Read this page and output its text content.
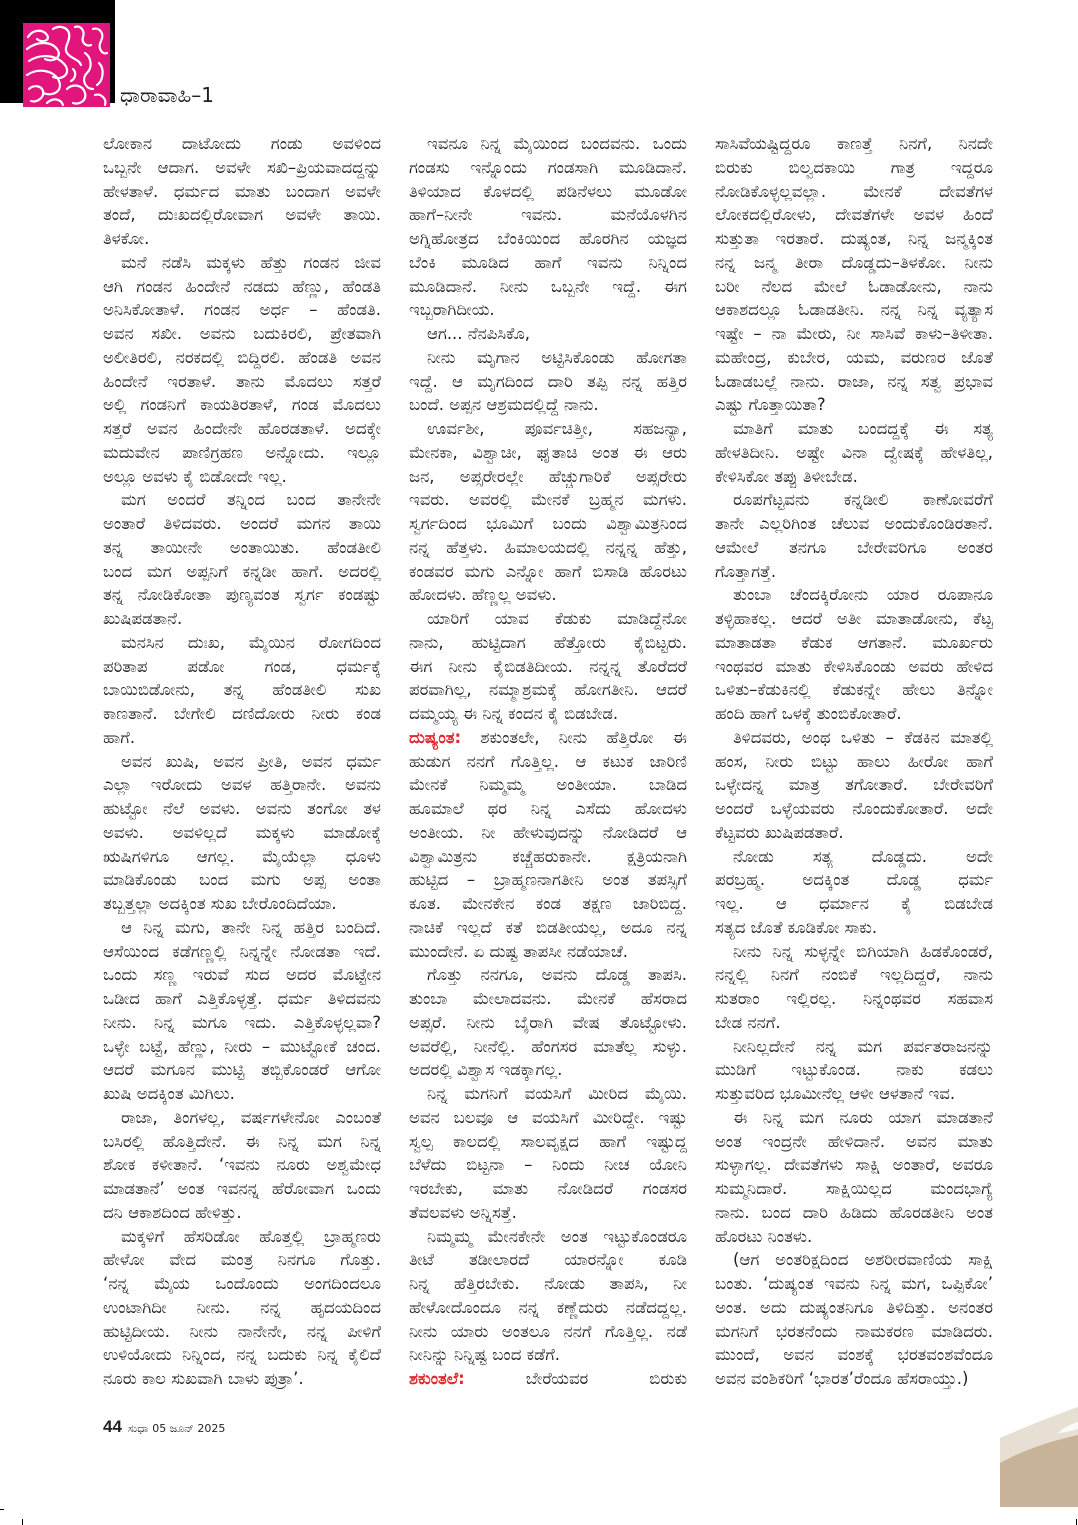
ಧಾರಾವಾಹಿ–1
ಲೋಕಾನ ದಾಟೋದು ಗಂಡು ಅವಳಿಂದ
ಒಬ್ಬನೇ ಆದಾಗ. ಅವಳೇ ಸಖಿ–ಪ್ರಿಯವಾದದ್ದನ್ನು
ಹೇಳತಾಳೆ. ಧರ್ಮದ ಮಾತು ಬಂದಾಗ ಅವಳೇ
ತಂದೆ, ದುಃಖದಲ್ಲಿರೋವಾಗ ಅವಳೇ ತಾಯಿ.
ತಿಳಕೋ.
ಮನೆ ನಡೆಸಿ ಮಕ್ಕಳು ಹೆತ್ತು ಗಂಡನ ಜೀವ
ಆಗಿ ಗಂಡನ ಹಿಂದೇನೆ ನಡದು ಹೆಣ್ಣು, ಹೆಂಡತಿ
ಅನಿಸಿಕೋತಾಳೆ. ಗಂಡನ ಅರ್ಧ – ಹೆಂಡತಿ.
ಅವನ ಸಖೀ. ಅವನು ಬದುಕಿರಲಿ, ಪ್ರೇತವಾಗಿ
ಅಲೀತಿರಲಿ, ನರಕದಲ್ಲಿ ಬಿದ್ದಿರಲಿ. ಹೆಂಡತಿ ಅವನ
ಹಿಂದೇನೆ ಇರತಾಳೆ. ತಾನು ಮೊದಲು ಸತ್ತರೆ
ಅಲ್ಲಿ ಗಂಡನಿಗೆ ಕಾಯತಿರತಾಳೆ, ಗಂಡ ಮೊದಲು
ಸತ್ತರೆ ಅವನ ಹಿಂದೇನೇ ಹೊರಡತಾಳೆ. ಅದಕ್ಕೇ
ಮದುವೇನ ಪಾಣಿಗ್ರಹಣ ಅನ್ನೋದು. ಇಲ್ಲೂ
ಅಲ್ಲೂ ಅವಳು ಕೈ ಬಿಡೋದೇ ಇಲ್ಲ.
ಮಗ ಅಂದರೆ ತನ್ನಿಂದ ಬಂದ ತಾನೇನೇ
ಅಂತಾರೆ ತಿಳಿದವರು. ಅಂದರೆ ಮಗನ ತಾಯಿ
ತನ್ನ ತಾಯೀನೇ ಅಂತಾಯಿತು. ಹೆಂಡತೀಲಿ
ಬಂದ ಮಗ ಅಪ್ಪನಿಗೆ ಕನ್ನಡೀ ಹಾಗೆ. ಅದರಲ್ಲಿ
ತನ್ನ ನೋಡಿಕೋತಾ ಪುಣ್ಯವಂತ ಸ್ವರ್ಗ ಕಂಡಷ್ಟು
ಖುಷಿಪಡತಾನೆ.
ಮನಸಿನ ದುಃಖ, ಮೈಯಿನ ರೋಗದಿಂದ
ಪರಿತಾಪ ಪಡೋ ಗಂಡ, ಧರ್ಮಕ್ಕೆ
ಬಾಯಿಬಿಡೋನು, ತನ್ನ ಹೆಂಡತೀಲಿ ಸುಖ
ಕಾಣತಾನೆ. ಬೇಗೇಲಿ ದಣಿದೋರು ನೀರು ಕಂಡ
ಹಾಗೆ.
ಅವನ ಖುಷಿ, ಅವನ ಪ್ರೀತಿ, ಅವನ ಧರ್ಮ
ಎಲ್ಲಾ ಇರೋದು ಅವಳ ಹತ್ತಿರಾನೇ. ಅವನು
ಹುಟ್ಟೋ ನೆಲೆ ಅವಳು. ಅವನು ತಂಗೋ ತಳ
ಅವಳು. ಅವಳಿಲ್ಲದೆ ಮಕ್ಕಳು ಮಾಡೋಕ್ಕೆ
ಋಷಿಗಳಿಗೂ ಆಗಲ್ಲ. ಮೈಯೆಲ್ಲಾ ಧೂಳು
ಮಾಡಿಕೊಂಡು ಬಂದ ಮಗು ಅಪ್ಪ ಅಂತಾ
ತಬ್ಬತ್ತಲ್ಲಾ ಅದಕ್ಕಿಂತ ಸುಖ ಬೇರೊಂದಿದೆಯಾ.
ಆ ನಿನ್ನ ಮಗು, ತಾನೇ ನಿನ್ನ ಹತ್ತಿರ ಬಂದಿದೆ.
ಆಸೆಯಿಂದ ಕಡೆಗಣ್ಣಲ್ಲಿ ನಿನ್ನನ್ನೇ ನೋಡತಾ ಇದೆ.
ಒಂದು ಸಣ್ಣ ಇರುವೆ ಸುದ ಅದರ ಮೊಟ್ಟೇನ
ಒಡೀದ ಹಾಗೆ ಎತ್ತಿಕೊಳ್ಳತ್ತೆ. ಧರ್ಮ ತಿಳಿದವನು
ನೀನು. ನಿನ್ನ ಮಗೂ ಇದು. ಎತ್ತಿಕೊಳ್ಳಲ್ಲವಾ?
ಒಳ್ಳೇ ಬಟ್ಟೆ, ಹೆಣ್ಣು, ನೀರು – ಮುಟ್ಟೋಕೆ ಚಂದ.
ಆದರೆ ಮಗೂನ ಮುಟ್ಟಿ ತಬ್ಬಿಕೊಂಡರೆ ಆಗೋ
ಖುಷಿ ಅದಕ್ಕಿಂತ ಮಿಗಿಲು.
ರಾಜಾ, ತಿಂಗಳಲ್ಲ, ವರ್ಷಗಳೇನೋ ಎಂಬಂತೆ
ಬಸಿರಲ್ಲಿ ಹೊತ್ತಿದೇನೆ. ಈ ನಿನ್ನ ಮಗ ನಿನ್ನ
ಶೋಕ ಕಳೀತಾನೆ. ‘ಇವನು ನೂರು ಅಶ್ವಮೇಧ
ಮಾಡತಾನೆ’ ಅಂತ ಇವನನ್ನ ಹೆರೋವಾಗ ಒಂದು
ದನಿ ಆಕಾಶದಿಂದ ಹೇಳಿತ್ತು.
ಮಕ್ಕಳಿಗೆ ಹೆಸರಿಡೋ ಹೊತ್ತಲ್ಲಿ ಬ್ರಾಹ್ಮಣರು
ಹೇಳೋ ವೇದ ಮಂತ್ರ ನಿನಗೂ ಗೊತ್ತು.
‘ನನ್ನ ಮೈಯ ಒಂದೊಂದು ಅಂಗದಿಂದಲೂ
ಉಂಟಾಗಿದೀ ನೀನು. ನನ್ನ ಹೃದಯದಿಂದ
ಹುಟ್ಟಿದೀಯ. ನೀನು ನಾನೇನೇ, ನನ್ನ ಪೀಳಿಗೆ
ಉಳಿಯೋದು ನಿನ್ನಿಂದ, ನನ್ನ ಬದುಕು ನಿನ್ನ ಕೈಲಿದೆ
ನೂರು ಕಾಲ ಸುಖವಾಗಿ ಬಾಳು ಪುತ್ರಾ’.
ಇವನೂ ನಿನ್ನ ಮೈಯಿಂದ ಬಂದವನು. ಒಂದು
ಗಂಡಸು ಇನ್ನೊಂದು ಗಂಡಸಾಗಿ ಮೂಡಿದಾನೆ.
ತಿಳಿಯಾದ ಕೊಳದಲ್ಲಿ ಪಡಿನೆಳಲು ಮೂಡೋ
ಹಾಗೆ–ನೀನೇ ಇವನು. ಮನೆಯೊಳಗಿನ
ಅಗ್ನಿಹೋತ್ರದ ಬೆಂಕಿಯಿಂದ ಹೊರಗಿನ ಯಜ್ಞದ
ಬೆಂಕಿ ಮೂಡಿದ ಹಾಗೆ ಇವನು ನಿನ್ನಿಂದ
ಮೂಡಿದಾನೆ. ನೀನು ಒಬ್ಬನೇ ಇದ್ದೆ. ಈಗ
ಇಬ್ಬರಾಗಿದೀಯ.
ಆಗ... ನೆನಪಿಸಿಕೊ,
ನೀನು ಮೃಗಾನ ಅಟ್ಟಿಸಿಕೊಂಡು ಹೋಗತಾ
ಇದ್ದೆ. ಆ ಮೃಗದಿಂದ ದಾರಿ ತಪ್ಪಿ ನನ್ನ ಹತ್ತಿರ
ಬಂದೆ. ಅಪ್ಪನ ಆಶ್ರಮದಲ್ಲಿದ್ದೆ ನಾನು.
ಊರ್ವಶೀ, ಪೂರ್ವಚಿತ್ತೀ, ಸಹಜನ್ಯಾ,
ಮೇನಕಾ, ವಿಶ್ವಾಚೀ, ಘೃತಾಚಿ ಅಂತ ಈ ಆರು
ಜನ, ಅಪ್ಸರೇರಲ್ಲೇ ಹೆಚ್ಚುಗಾರಿಕೆ ಅಪ್ಸರೇರು
ಇವರು. ಅವರಲ್ಲಿ ಮೇನಕೆ ಬ್ರಹ್ಮನ ಮಗಳು.
ಸ್ವರ್ಗದಿಂದ ಭೂಮಿಗೆ ಬಂದು ವಿಶ್ವಾಮಿತ್ರನಿಂದ
ನನ್ನ ಹೆತ್ತಳು. ಹಿಮಾಲಯದಲ್ಲಿ ನನ್ನನ್ನ ಹೆತ್ತು,
ಕಂಡವರ ಮಗು ಎನ್ನೋ ಹಾಗೆ ಬಿಸಾಡಿ ಹೊರಟು
ಹೋದಳು. ಹೆಣ್ಣಲ್ಲ ಅವಳು.
ಯಾರಿಗೆ ಯಾವ ಕೆಡುಕು ಮಾಡಿದ್ದೆನೋ
ನಾನು, ಹುಟ್ಟಿದಾಗ ಹೆತ್ತೋರು ಕೈಬಿಟ್ಟರು.
ಈಗ ನೀನು ಕೈಬಿಡತಿದೀಯ. ನನ್ನನ್ನ ತೊರೆದರೆ
ಪರವಾಗಿಲ್ಲ, ನಮ್ಮಾಶ್ರಮಕ್ಕೆ ಹೋಗತೀನಿ. ಆದರೆ
ದಮ್ಮಯ್ಯ ಈ ನಿನ್ನ ಕಂದನ ಕೈ ಬಿಡಬೇಡ.
ದುಷ್ಯಂತ: ಶಕುಂತಲೇ, ನೀನು ಹೆತ್ತಿರೋ ಈ
ಹುಡುಗ ನನಗೆ ಗೊತ್ತಿಲ್ಲ. ಆ ಕಟುಕ ಜಾರಿಣಿ
ಮೇನಕೆ ನಿಮ್ಮಮ್ಮ ಅಂತೀಯಾ. ಬಾಡಿದ
ಹೂಮಾಲೆ ಥರ ನಿನ್ನ ಎಸೆದು ಹೋದಳು
ಅಂತೀಯ. ನೀ ಹೇಳುವುದನ್ನು ನೋಡಿದರೆ ಆ
ವಿಶ್ವಾಮಿತ್ರನು ಕಚ್ಚೆಹರುಕಾನೇ. ಕ್ಷತ್ರಿಯನಾಗಿ
ಹುಟ್ಟಿದ – ಬ್ರಾಹ್ಮಣನಾಗತೀನಿ ಅಂತ ತಪಸ್ಸಿಗೆ
ಕೂತ. ಮೇನಕೇನ ಕಂಡ ತಕ್ಷಣ ಜಾರಿಬಿದ್ದ.
ನಾಚಿಕೆ ಇಲ್ಲದೆ ಕತೆ ಬಿಡತೀಯಲ್ಲ, ಅದೂ ನನ್ನ
ಮುಂದೇನೆ. ಏ ದುಷ್ಟ ತಾಪಸೀ ನಡೆಯಾಚೆ.
ಗೊತ್ತು ನನಗೂ, ಅವನು ದೊಡ್ಡ ತಾಪಸಿ.
ತುಂಬಾ ಮೇಲಾದವನು. ಮೇನಕೆ ಹೆಸರಾದ
ಅಪ್ಸರೆ. ನೀನು ಬೈರಾಗಿ ವೇಷ ತೊಟ್ಟೋಳು.
ಅವರೆಲ್ಲಿ, ನೀನೆಲ್ಲಿ. ಹೆಂಗಸರ ಮಾತೆಲ್ಲ ಸುಳ್ಳು.
ಅದರಲ್ಲಿ ವಿಶ್ವಾಸ ಇಡಕ್ಕಾಗಲ್ಲ.
ನಿನ್ನ ಮಗನಿಗೆ ವಯಸಿಗೆ ಮೀರಿದ ಮೈಯಿ.
ಅವನ ಬಲವೂ ಆ ವಯಸಿಗೆ ಮೀರಿದ್ದೇ. ಇಷ್ಟು
ಸ್ವಲ್ಪ ಕಾಲದಲ್ಲಿ ಸಾಲವೃಕ್ಷದ ಹಾಗೆ ಇಷ್ಟುದ್ದ
ಬೆಳೆದು ಬಿಟ್ಟನಾ – ನಿಂದು ನೀಚ ಯೋನಿ
ಇರಬೇಕು, ಮಾತು ನೋಡಿದರೆ ಗಂಡಸರ
ತೆವಲವಳು ಅನ್ನಿಸತ್ತೆ.
ನಿಮ್ಮಮ್ಮ ಮೇನಕೇನೇ ಅಂತ ಇಟ್ಟುಕೊಂಡರೂ
ತೀಟೆ ತಡೀಲಾರದೆ ಯಾರನ್ನೋ ಕೂಡಿ
ನಿನ್ನ ಹೆತ್ತಿರಬೇಕು. ನೋಡು ತಾಪಸಿ, ನೀ
ಹೇಳೋದೊಂದೂ ನನ್ನ ಕಣ್ಣೆದುರು ನಡೆದದ್ದಲ್ಲ.
ನೀನು ಯಾರು ಅಂತಲೂ ನನಗೆ ಗೊತ್ತಿಲ್ಲ. ನಡೆ
ನೀನಿನ್ನು ನಿನ್ನಿಷ್ಟ ಬಂದ ಕಡೆಗೆ.
ಶಕುಂತಲೆ:	ಬೇರೆಯವರ ಬಿರುಕು
ಸಾಸಿವೆಯಷ್ಟಿದ್ದರೂ ಕಾಣತ್ತೆ ನಿನಗೆ, ನಿನದೇ
ಬಿರುಕು ಬಿಲ್ವದಕಾಯಿ ಗಾತ್ರ ಇದ್ದರೂ
ನೋಡಿಕೊಳ್ಳಲ್ಲವಲ್ಲಾ. ಮೇನಕೆ ದೇವತೆಗಳ
ಲೋಕದಲ್ಲಿರೋಳು, ದೇವತೆಗಳೇ ಅವಳ ಹಿಂದೆ
ಸುತ್ತುತಾ ಇರತಾರೆ. ದುಷ್ಯಂತ, ನಿನ್ನ ಜನ್ಮಕ್ಕಿಂತ
ನನ್ನ ಜನ್ಮ ತೀರಾ ದೊಡ್ಡದು–ತಿಳಕೋ. ನೀನು
ಬರೀ ನೆಲದ ಮೇಲೆ ಓಡಾಡೋನು, ನಾನು
ಆಕಾಶದಲ್ಲೂ ಓಡಾಡತೀನಿ. ನನ್ನ ನಿನ್ನ ವ್ಯತ್ಯಾಸ
ಇಷ್ಟೇ – ನಾ ಮೇರು, ನೀ ಸಾಸಿವೆ ಕಾಳು–ತಿಳೀತಾ.
ಮಹೇಂದ್ರ, ಕುಬೇರ, ಯಮ, ವರುಣರ ಜೊತೆ
ಓಡಾಡಬಲ್ಲೆ ನಾನು. ರಾಜಾ, ನನ್ನ ಸತ್ವ ಪ್ರಭಾವ
ಎಷ್ಟು ಗೊತ್ತಾಯಿತಾ?
ಮಾತಿಗೆ ಮಾತು ಬಂದದ್ದಕ್ಕೆ ಈ ಸತ್ಯ
ಹೇಳತಿದೀನಿ. ಅಷ್ಟೇ ವಿನಾ ದ್ವೇಷಕ್ಕೆ ಹೇಳತಿಲ್ಲ,
ಕೇಳಿಸಿಕೋ ತಪ್ಪು ತಿಳೀಬೇಡ.
ರೂಪಗೆಟ್ಟವನು ಕನ್ನಡೀಲಿ ಕಾಣೋವರೆಗೆ
ತಾನೇ ಎಲ್ಲರಿಗಿಂತ ಚೆಲುವ ಅಂದುಕೊಂಡಿರತಾನೆ.
ಆಮೇಲೆ ತನಗೂ ಬೇರೇವರಿಗೂ ಅಂತರ
ಗೊತ್ತಾಗತ್ತೆ.
ತುಂಬಾ ಚೆಂದಕ್ಕಿರೋನು ಯಾರ ರೂಪಾನೂ
ತಳ್ಳಿಹಾಕಲ್ಲ. ಆದರೆ ಅತೀ ಮಾತಾಡೋನು, ಕೆಟ್ಟ
ಮಾತಾಡತಾ ಕೆಡುಕ ಆಗತಾನೆ. ಮೂರ್ಖರು
ಇಂಥವರ ಮಾತು ಕೇಳಿಸಿಕೊಂಡು ಅವರು ಹೇಳಿದ
ಒಳಿತು–ಕೆಡುಕಿನಲ್ಲಿ ಕೆಡುಕನ್ನೇ ಹೇಲು ತಿನ್ನೋ
ಹಂದಿ ಹಾಗೆ ಒಳಕ್ಕೆ ತುಂಬಿಕೋತಾರೆ.
ತಿಳಿದವರು, ಅಂಥ ಒಳಿತು – ಕೆಡಕಿನ ಮಾತಲ್ಲಿ
ಹಂಸ, ನೀರು ಬಿಟ್ಟು ಹಾಲು ಹೀರೋ ಹಾಗೆ
ಒಳ್ಳೇದನ್ನ ಮಾತ್ರ ತಗೋತಾರೆ. ಬೇರೇವರಿಗೆ
ಅಂದರೆ ಒಳ್ಳೆಯವರು ನೊಂದುಕೋತಾರೆ. ಅದೇ
ಕೆಟ್ಟವರು ಖುಷಿಪಡತಾರೆ.
ನೋಡು ಸತ್ಯ ದೊಡ್ಡದು. ಅದೇ
ಪರಬ್ರಹ್ಮ. ಅದಕ್ಕಿಂತ ದೊಡ್ಡ ಧರ್ಮ
ಇಲ್ಲ. ಆ ಧರ್ಮಾನ ಕೈ ಬಿಡಬೇಡ
ಸತ್ಯದ ಜೊತೆ ಕೂಡಿಕೋ ಸಾಕು.
ನೀನು ನಿನ್ನ ಸುಳ್ಳನ್ನೇ ಬಿಗಿಯಾಗಿ ಹಿಡಕೊಂಡರೆ,
ನನ್ನಲ್ಲಿ ನಿನಗೆ ನಂಬಿಕೆ ಇಲ್ಲದಿದ್ದರೆ, ನಾನು
ಸುತರಾಂ ಇಲ್ಲಿರಲ್ಲ. ನಿನ್ನಂಥವರ ಸಹವಾಸ
ಬೇಡ ನನಗೆ.
ನೀನಿಲ್ಲದೇನೆ ನನ್ನ ಮಗ ಪರ್ವತರಾಜನನ್ನು
ಮುಡಿಗೆ ಇಟ್ಟುಕೊಂಡ. ನಾಕು ಕಡಲು
ಸುತ್ತುವರಿದ ಭೂಮೀನೆಲ್ಲ ಆಳೀ ಆಳತಾನೆ ಇವ.
ಈ ನಿನ್ನ ಮಗ ನೂರು ಯಾಗ ಮಾಡತಾನೆ
ಅಂತ ಇಂದ್ರನೇ ಹೇಳಿದಾನೆ. ಅವನ ಮಾತು
ಸುಳ್ಳಾಗಲ್ಲ. ದೇವತೆಗಳು ಸಾಕ್ಷಿ ಅಂತಾರೆ, ಅವರೂ
ಸುಮ್ಮನಿದಾರೆ. ಸಾಕ್ಷಿಯಿಲ್ಲದ ಮಂದಭಾಗ್ಯೆ
ನಾನು. ಬಂದ ದಾರಿ ಹಿಡಿದು ಹೊರಡತೀನಿ ಅಂತ
ಹೊರಟು ನಿಂತಳು.
(ಆಗ ಅಂತರಿಕ್ಷದಿಂದ ಅಶರೀರವಾಣಿಯ ಸಾಕ್ಷಿ
ಬಂತು. ‘ದುಷ್ಯಂತ ಇವನು ನಿನ್ನ ಮಗ, ಒಪ್ಪಿಕೋ’
ಅಂತ. ಅದು ದುಷ್ಯಂತನಿಗೂ ತಿಳಿದಿತ್ತು. ಅನಂತರ
ಮಗನಿಗೆ ಭರತನೆಂದು ನಾಮಕರಣ ಮಾಡಿದರು.
ಮುಂದೆ, ಅವನ ವಂಶಕ್ಕೆ ಭರತವಂಶವೆಂದೂ
ಅವನ ವಂಶಿಕರಿಗೆ ‘ಭಾರತ’ರೆಂದೂ ಹೆಸರಾಯ್ತು.)
44 ಸುಧಾ 05 ಜೂನ್ 2025
